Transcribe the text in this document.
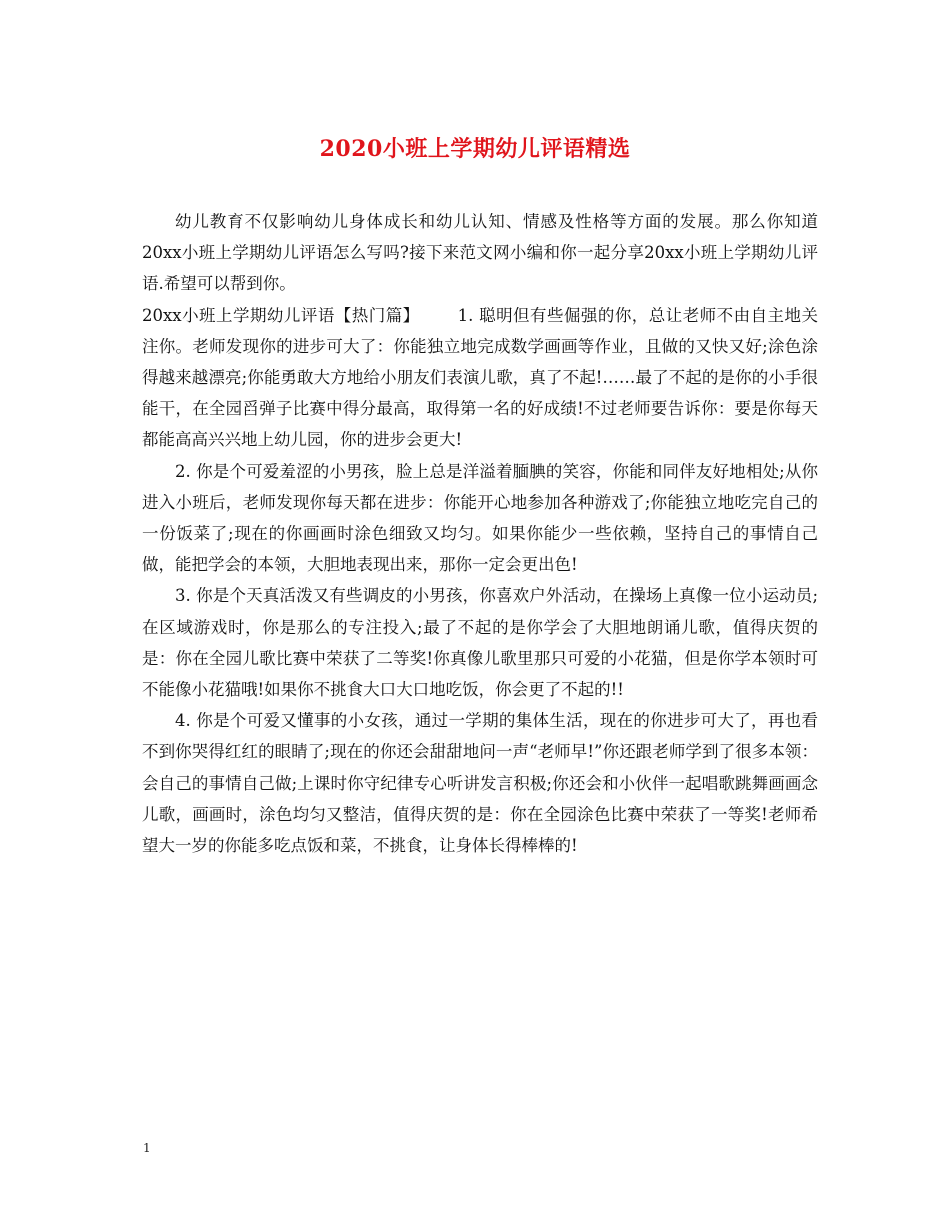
2020小班上学期幼儿评语精选

幼儿教育不仅影响幼儿身体成长和幼儿认知、情感及性格等方面的发展。那么你知道20xx小班上学期幼儿评语怎么写吗?接下来范文网小编和你一起分享20xx小班上学期幼儿评语.希望可以帮到你。

20xx小班上学期幼儿评语【热门篇】 1. 聪明但有些倔强的你，总让老师不由自主地关注你。老师发现你的进步可大了：你能独立地完成数学画画等作业，且做的又快又好;涂色涂得越来越漂亮;你能勇敢大方地给小朋友们表演儿歌，真了不起!……最了不起的是你的小手很能干，在全园舀弹子比赛中得分最高，取得第一名的好成绩!不过老师要告诉你：要是你每天都能高高兴兴地上幼儿园，你的进步会更大!

2. 你是个可爱羞涩的小男孩，脸上总是洋溢着腼腆的笑容，你能和同伴友好地相处;从你进入小班后，老师发现你每天都在进步：你能开心地参加各种游戏了;你能独立地吃完自己的一份饭菜了;现在的你画画时涂色细致又均匀。如果你能少一些依赖，坚持自己的事情自己做，能把学会的本领，大胆地表现出来，那你一定会更出色!

3. 你是个天真活泼又有些调皮的小男孩，你喜欢户外活动，在操场上真像一位小运动员;在区域游戏时，你是那么的专注投入;最了不起的是你学会了大胆地朗诵儿歌，值得庆贺的是：你在全园儿歌比赛中荣获了二等奖!你真像儿歌里那只可爱的小花猫，但是你学本领时可不能像小花猫哦!如果你不挑食大口大口地吃饭，你会更了不起的!!

4. 你是个可爱又懂事的小女孩，通过一学期的集体生活，现在的你进步可大了，再也看不到你哭得红红的眼睛了;现在的你还会甜甜地问一声“老师早!”你还跟老师学到了很多本领：会自己的事情自己做;上课时你守纪律专心听讲发言积极;你还会和小伙伴一起唱歌跳舞画画念儿歌，画画时，涂色均匀又整洁，值得庆贺的是：你在全园涂色比赛中荣获了一等奖!老师希望大一岁的你能多吃点饭和菜，不挑食，让身体长得棒棒的!

1
